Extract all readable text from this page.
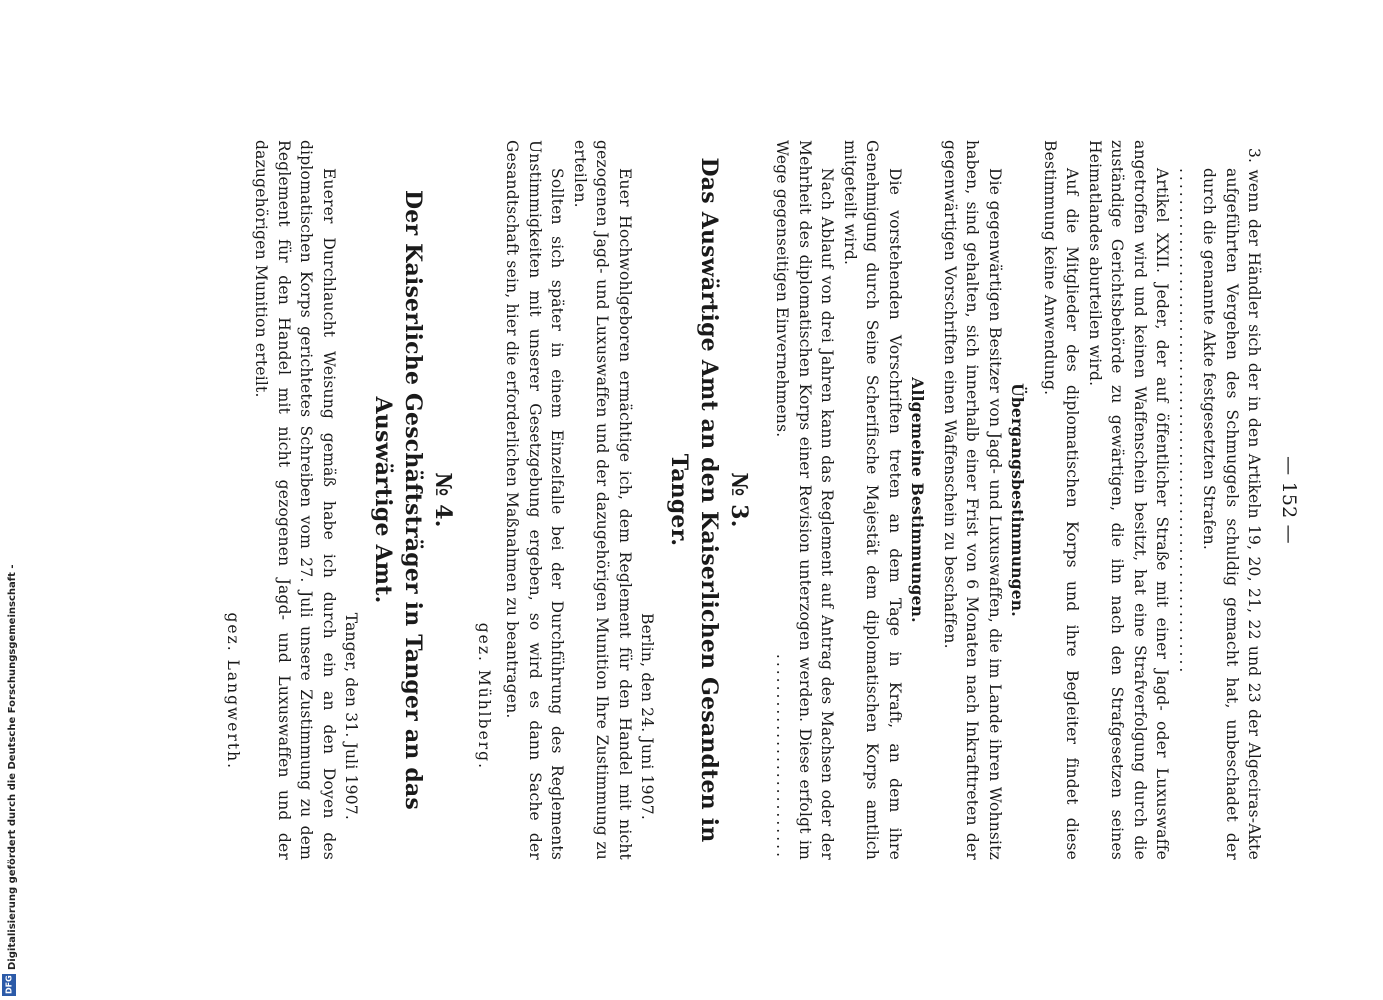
Digitalisierung gefördert durch die Deutsche Forschungsgemeinschaft -
DFG

— 152 —

3. wenn der Händler sich der in den Artikeln 19, 20, 21, 22 und 23 der Algeciras-Akte aufgeführten Vergehen des Schmuggels schuldig gemacht hat, unbeschadet der durch die genannte Akte festgesetzten Strafen.

................................................................

Artikel XXII. Jeder, der auf öffentlicher Straße mit einer Jagd- oder Luxuswaffe angetroffen wird und keinen Waffenschein besitzt, hat eine Strafverfolgung durch die zuständige Gerichtsbehörde zu gewärtigen, die ihn nach den Strafgesetzen seines Heimatlandes aburteilen wird.

Auf die Mitglieder des diplomatischen Korps und ihre Begleiter findet diese Bestimmung keine Anwendung.

Übergangsbestimmungen.

Die gegenwärtigen Besitzer von Jagd- und Luxuswaffen, die im Lande ihren Wohnsitz haben, sind gehalten, sich innerhalb einer Frist von 6 Monaten nach Inkrafttreten der gegenwärtigen Vorschriften einen Waffenschein zu beschaffen.

Allgemeine Bestimmungen.

Die vorstehenden Vorschriften treten an dem Tage in Kraft, an dem ihre Genehmigung durch Seine Scherifische Majestät dem diplomatischen Korps amtlich mitgeteilt wird.

Nach Ablauf von drei Jahren kann das Reglement auf Antrag des Machsen oder der Mehrheit des diplomatischen Korps einer Revision unterzogen werden. Diese erfolgt im Wege gegenseitigen Einvernehmens.

..........................

№ 3.

Das Auswärtige Amt an den Kaiserlichen Gesandten in Tanger.

Berlin, den 24. Juni 1907.

Euer Hochwohlgeboren ermächtige ich, dem Reglement für den Handel mit nicht gezogenen Jagd- und Luxuswaffen und der dazugehörigen Munition Ihre Zustimmung zu erteilen.

Sollten sich später in einem Einzelfalle bei der Durchführung des Reglements Unstimmigkeiten mit unserer Gesetzgebung ergeben, so wird es dann Sache der Gesandtschaft sein, hier die erforderlichen Maßnahmen zu beantragen.

gez. Mühlberg.

№ 4.

Der Kaiserliche Geschäftsträger in Tanger an das Auswärtige Amt.

Tanger, den 31. Juli 1907.

Euerer Durchlaucht Weisung gemäß habe ich durch ein an den Doyen des diplomatischen Korps gerichtetes Schreiben vom 27. Juli unsere Zustimmung zu dem Reglement für den Handel mit nicht gezogenen Jagd- und Luxuswaffen und der dazugehörigen Munition erteilt.

gez. Langwerth.
